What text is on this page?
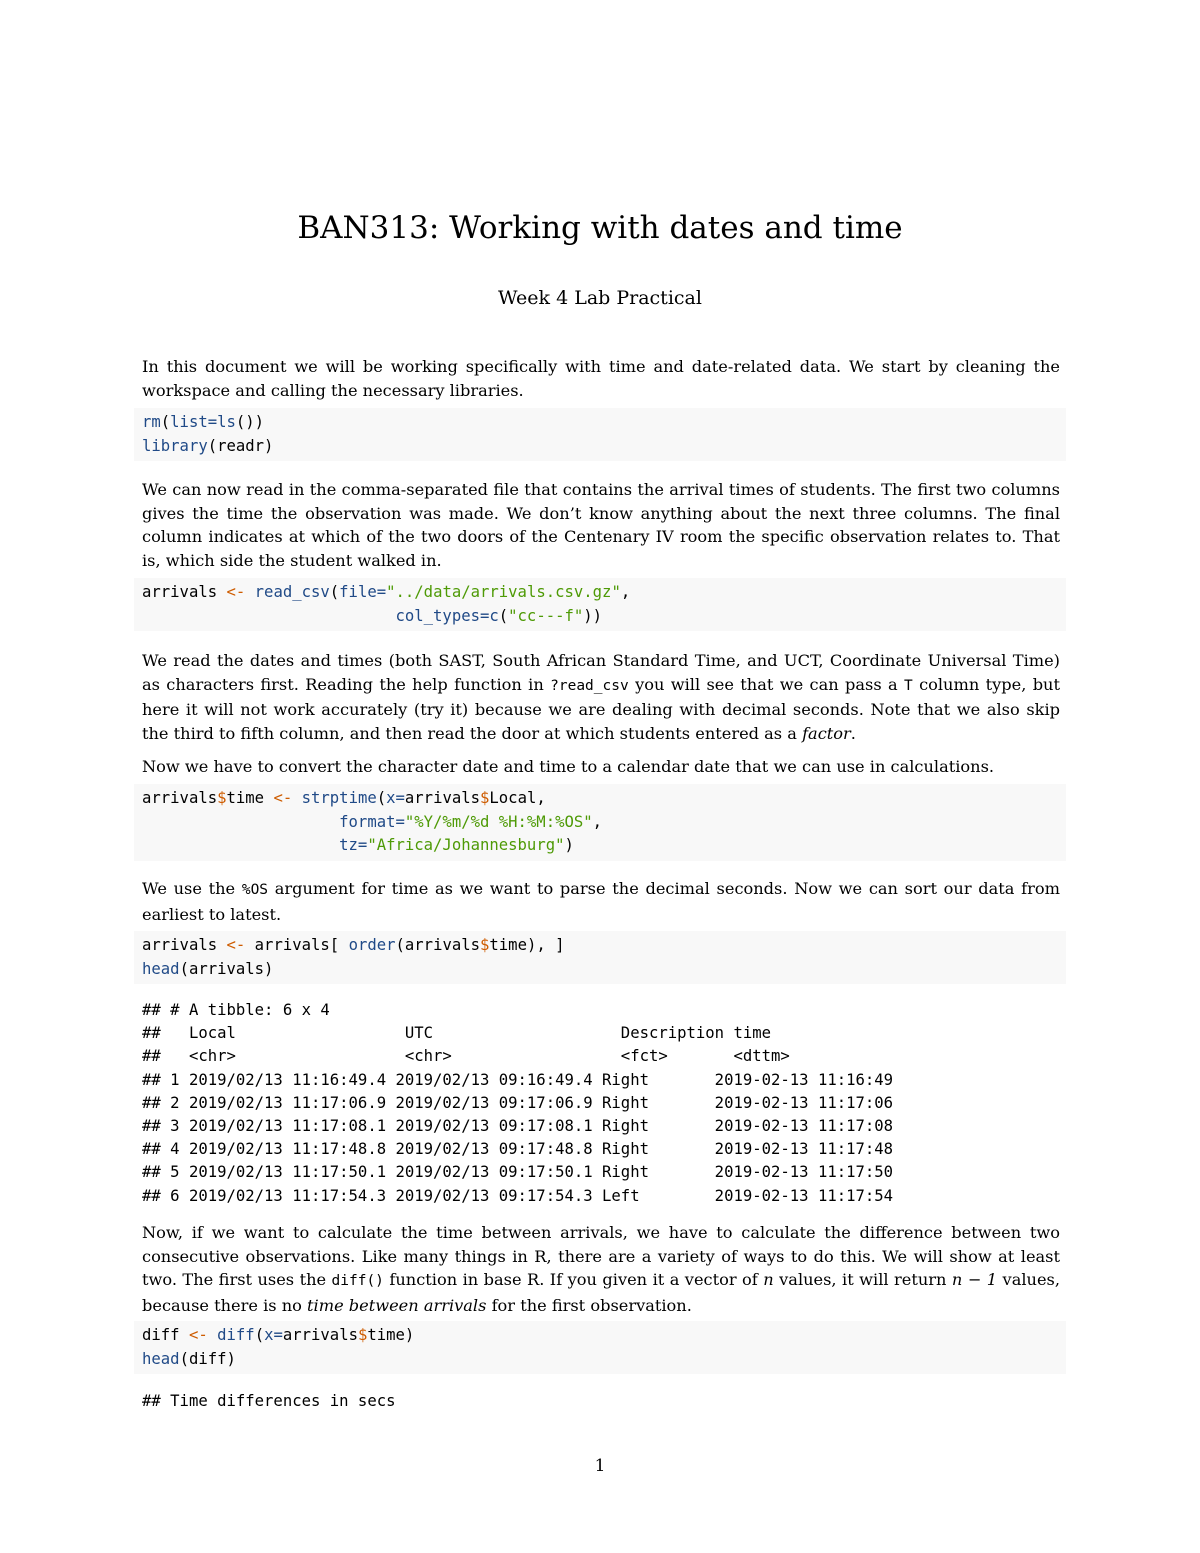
BAN313: Working with dates and time
Week 4 Lab Practical
In this document we will be working specifically with time and date-related data. We start by cleaning the workspace and calling the necessary libraries.
rm(list=ls())
library(readr)
We can now read in the comma-separated file that contains the arrival times of students. The first two columns gives the time the observation was made. We don’t know anything about the next three columns. The final column indicates at which of the two doors of the Centenary IV room the specific observation relates to. That is, which side the student walked in.
arrivals <- read_csv(file="../data/arrivals.csv.gz",
col_types=c("cc---f"))
We read the dates and times (both SAST, South African Standard Time, and UCT, Coordinate Universal Time) as characters first. Reading the help function in ?read_csv you will see that we can pass a T column type, but here it will not work accurately (try it) because we are dealing with decimal seconds. Note that we also skip the third to fifth column, and then read the door at which students entered as a factor.
Now we have to convert the character date and time to a calendar date that we can use in calculations.
arrivals$time <- strptime(x=arrivals$Local,
format="%Y/%m/%d %H:%M:%OS",
tz="Africa/Johannesburg")
We use the %OS argument for time as we want to parse the decimal seconds. Now we can sort our data from earliest to latest.
arrivals <- arrivals[ order(arrivals$time), ]
head(arrivals)
## # A tibble: 6 x 4
##   Local                  UTC                    Description time
##   <chr>                  <chr>                  <fct>       <dttm>
## 1 2019/02/13 11:16:49.4 2019/02/13 09:16:49.4 Right       2019-02-13 11:16:49
## 2 2019/02/13 11:17:06.9 2019/02/13 09:17:06.9 Right       2019-02-13 11:17:06
## 3 2019/02/13 11:17:08.1 2019/02/13 09:17:08.1 Right       2019-02-13 11:17:08
## 4 2019/02/13 11:17:48.8 2019/02/13 09:17:48.8 Right       2019-02-13 11:17:48
## 5 2019/02/13 11:17:50.1 2019/02/13 09:17:50.1 Right       2019-02-13 11:17:50
## 6 2019/02/13 11:17:54.3 2019/02/13 09:17:54.3 Left        2019-02-13 11:17:54
Now, if we want to calculate the time between arrivals, we have to calculate the difference between two consecutive observations. Like many things in R, there are a variety of ways to do this. We will show at least two. The first uses the diff() function in base R. If you given it a vector of n values, it will return n − 1 values, because there is no time between arrivals for the first observation.
diff <- diff(x=arrivals$time)
head(diff)
## Time differences in secs
1
